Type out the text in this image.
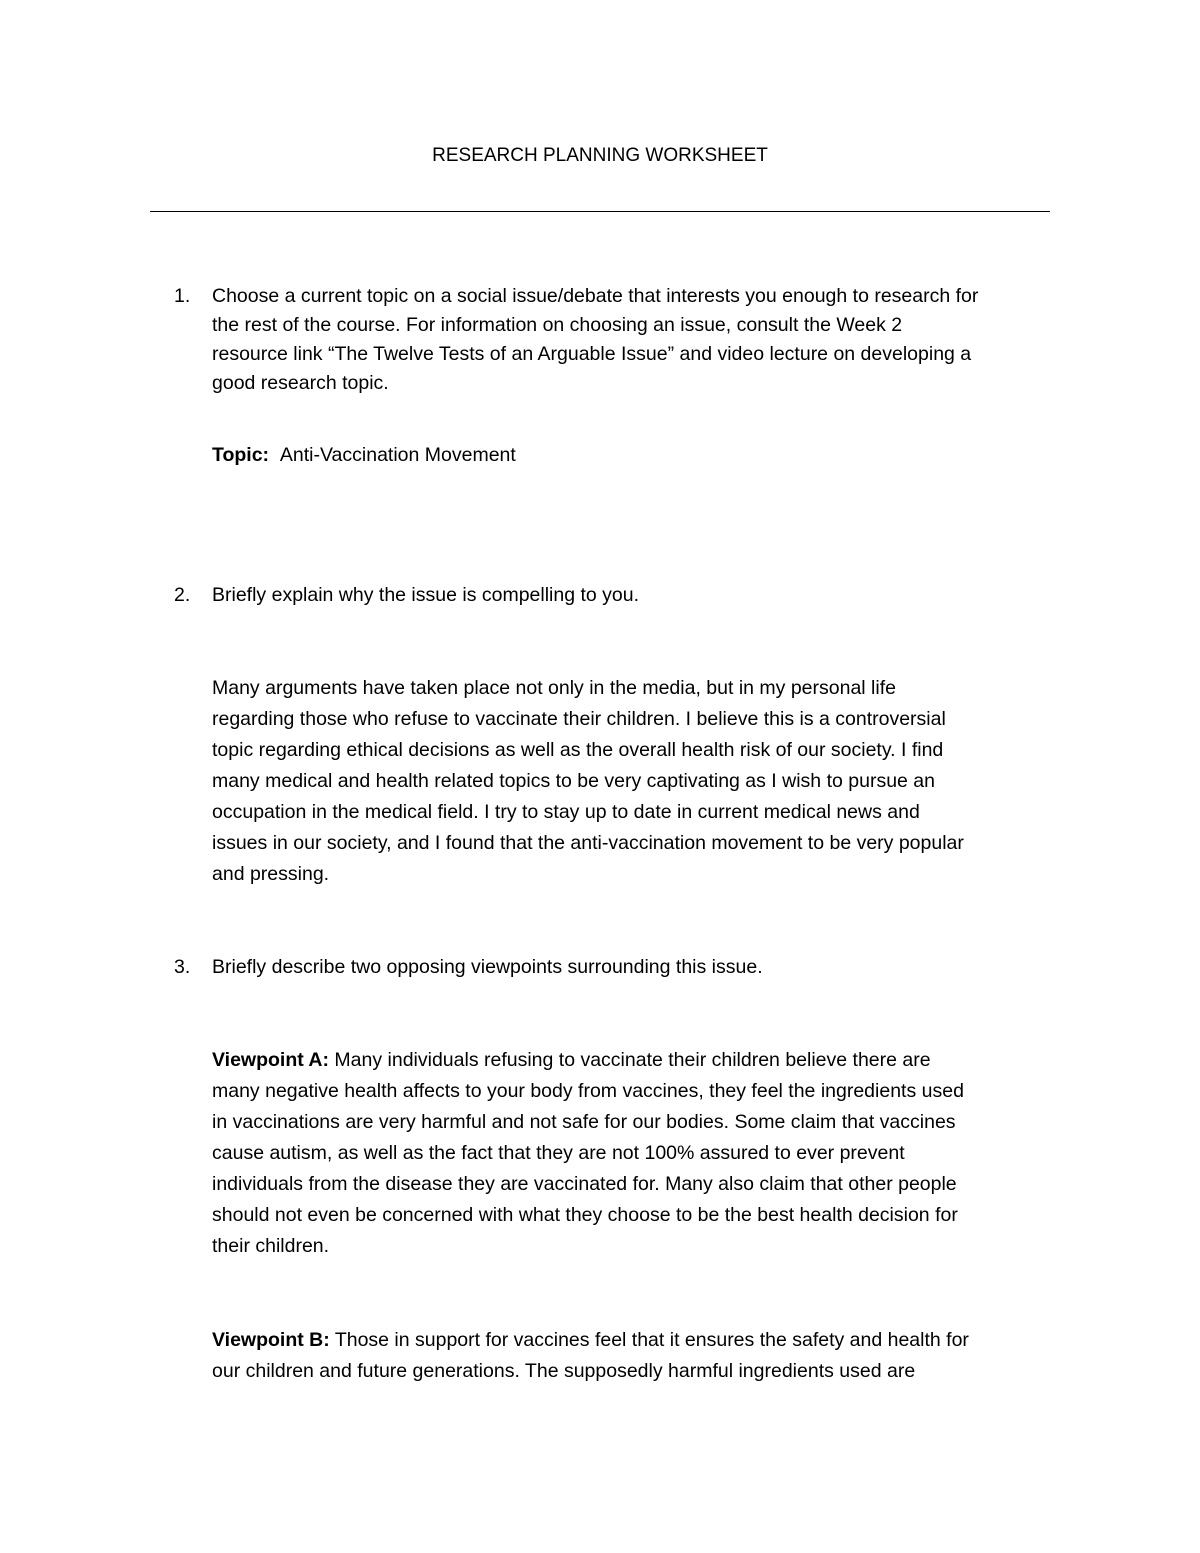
RESEARCH PLANNING WORKSHEET
1. Choose a current topic on a social issue/debate that interests you enough to research for
the rest of the course. For information on choosing an issue, consult the Week 2
resource link “The Twelve Tests of an Arguable Issue” and video lecture on developing a
good research topic.
Topic: Anti-Vaccination Movement
2. Briefly explain why the issue is compelling to you.
Many arguments have taken place not only in the media, but in my personal life
regarding those who refuse to vaccinate their children. I believe this is a controversial
topic regarding ethical decisions as well as the overall health risk of our society. I find
many medical and health related topics to be very captivating as I wish to pursue an
occupation in the medical field. I try to stay up to date in current medical news and
issues in our society, and I found that the anti-vaccination movement to be very popular
and pressing.
3. Briefly describe two opposing viewpoints surrounding this issue.
Viewpoint A: Many individuals refusing to vaccinate their children believe there are
many negative health affects to your body from vaccines, they feel the ingredients used
in vaccinations are very harmful and not safe for our bodies. Some claim that vaccines
cause autism, as well as the fact that they are not 100% assured to ever prevent
individuals from the disease they are vaccinated for. Many also claim that other people
should not even be concerned with what they choose to be the best health decision for
their children.
Viewpoint B: Those in support for vaccines feel that it ensures the safety and health for
our children and future generations. The supposedly harmful ingredients used are
